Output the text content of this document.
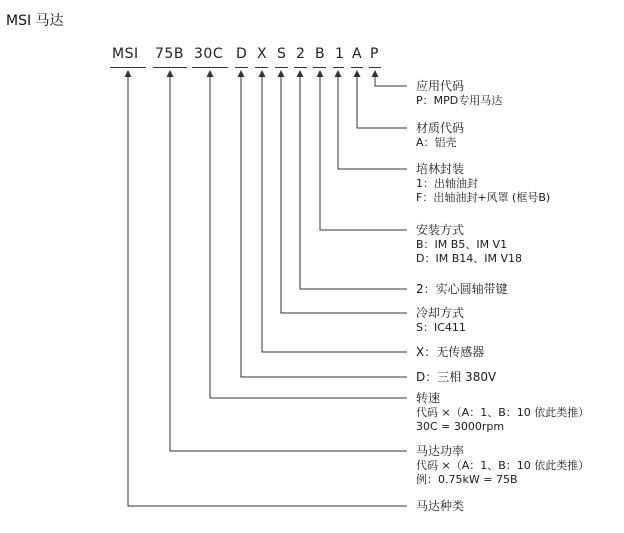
MSI 马达
MSI 75B 30C D X S 2 B 1 A P
应用代码
P：MPD专用马达
材质代码
A：铝壳
培林封装
1：出轴油封
F：出轴油封+风罩 (框号B)
安装方式
B：IM B5、IM V1
D：IM B14、IM V18
2：实心圆轴带键
冷却方式
S：IC411
X：无传感器
D：三相 380V
转速
代码 ×（A：1、B：10 依此类推）
30C = 3000rpm
马达功率
代码 ×（A：1、B：10 依此类推）
例：0.75kW = 75B
马达种类
